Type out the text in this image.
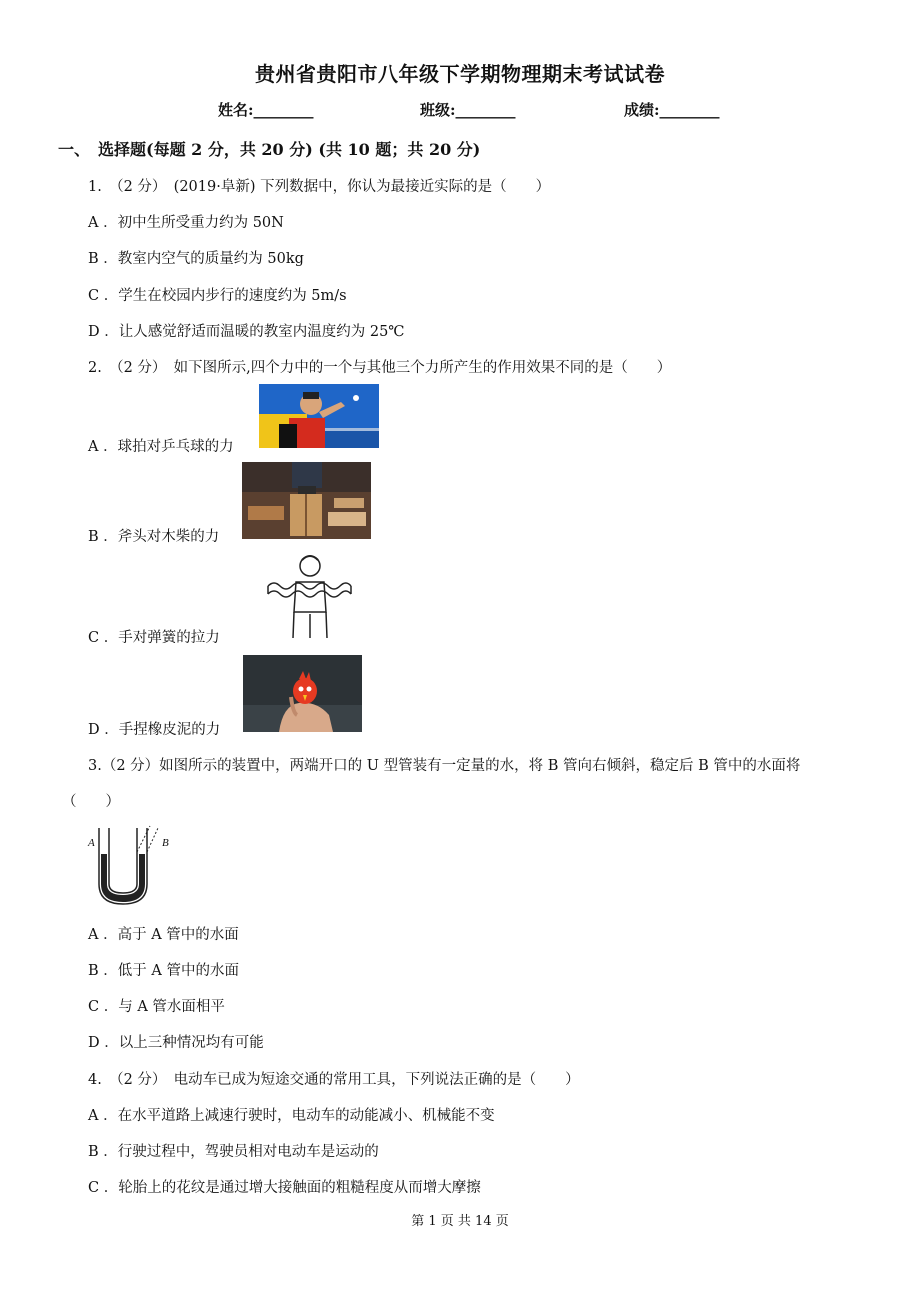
贵州省贵阳市八年级下学期物理期末考试试卷
姓名:________	班级:________	成绩:________
一、　选择题(每题 2 分，共 20 分) (共 10 题；共 20 分)
1.　（2 分）　(2019·阜新) 下列数据中，你认为最接近实际的是（　　）
A ．初中生所受重力约为 50N
B ．教室内空气的质量约为 50kg
C ．学生在校园内步行的速度约为 5m/s
D ．让人感觉舒适而温暖的教室内温度约为 25℃
2.　（2 分）　如下图所示,四个力中的一个与其他三个力所产生的作用效果不同的是（　　）
A ．球拍对乒乓球的力
B ．斧头对木柴的力
C ．手对弹簧的拉力
D ．手捏橡皮泥的力
3.（2 分）如图所示的装置中，两端开口的 U 型管装有一定量的水，将 B 管向右倾斜，稳定后 B 管中的水面将
（　　）
A	B
A ．高于 A 管中的水面
B ．低于 A 管中的水面
C ．与 A 管水面相平
D ．以上三种情况均有可能
4.　（2 分）　电动车已成为短途交通的常用工具，下列说法正确的是（　　）
A ．在水平道路上减速行驶时，电动车的动能减小、机械能不变
B ．行驶过程中，驾驶员相对电动车是运动的
C ．轮胎上的花纹是通过增大接触面的粗糙程度从而增大摩擦
第 1 页 共 14 页
